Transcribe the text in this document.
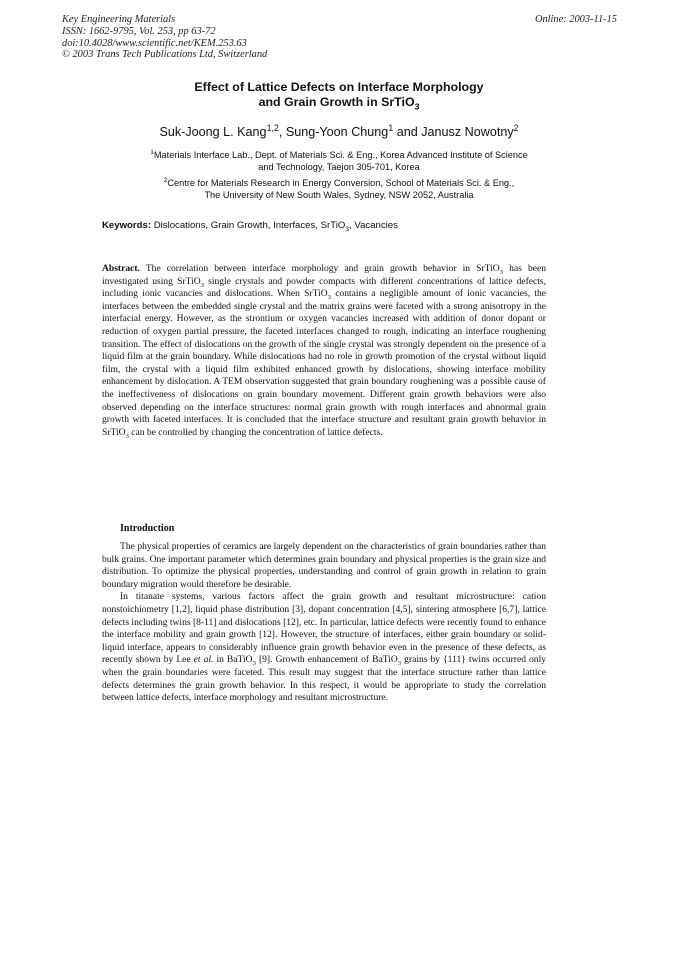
Key Engineering Materials
ISSN: 1662-9795, Vol. 253, pp 63-72
doi:10.4028/www.scientific.net/KEM.253.63
© 2003 Trans Tech Publications Ltd, Switzerland
Online: 2003-11-15
Effect of Lattice Defects on Interface Morphology
and Grain Growth in SrTiO$_3$
Suk-Joong L. Kang$^{1,2}$, Sung-Yoon Chung$^1$ and Janusz Nowotny$^2$
$^1$Materials Interface Lab., Dept. of Materials Sci. & Eng., Korea Advanced Institute of Science
and Technology, Taejon 305-701, Korea
$^2$Centre for Materials Research in Energy Conversion, School of Materials Sci. & Eng.,
The University of New South Wales, Sydney, NSW 2052, Australia
Keywords: Dislocations, Grain Growth, Interfaces, SrTiO$_3$, Vacancies
Abstract. The correlation between interface morphology and grain growth behavior in SrTiO$_3$ has been investigated using SrTiO$_3$ single crystals and powder compacts with different concentrations of lattice defects, including ionic vacancies and dislocations. When SrTiO$_3$ contains a negligible amount of ionic vacancies, the interfaces between the embedded single crystal and the matrix grains were faceted with a strong anisotropy in the interfacial energy. However, as the strontium or oxygen vacancies increased with addition of donor dopant or reduction of oxygen partial pressure, the faceted interfaces changed to rough, indicating an interface roughening transition. The effect of dislocations on the growth of the single crystal was strongly dependent on the presence of a liquid film at the grain boundary. While dislocations had no role in growth promotion of the crystal without liquid film, the crystal with a liquid film exhibited enhanced growth by dislocations, showing interface mobility enhancement by dislocation. A TEM observation suggested that grain boundary roughening was a possible cause of the ineffectiveness of dislocations on grain boundary movement. Different grain growth behaviors were also observed depending on the interface structures: normal grain growth with rough interfaces and abnormal grain growth with faceted interfaces. It is concluded that the interface structure and resultant grain growth behavior in SrTiO$_3$ can be controlled by changing the concentration of lattice defects.
Introduction

The physical properties of ceramics are largely dependent on the characteristics of grain boundaries rather than bulk grains. One important parameter which determines grain boundary and physical properties is the grain size and distribution. To optimize the physical properties, understanding and control of grain growth in relation to grain boundary migration would therefore be desirable.

In titanate systems, various factors affect the grain growth and resultant microstructure: cation nonstoichiometry [1,2], liquid phase distribution [3], dopant concentration [4,5], sintering atmosphere [6,7], lattice defects including twins [8-11] and dislocations [12], etc. In particular, lattice defects were recently found to enhance the interface mobility and grain growth [12]. However, the structure of interfaces, either grain boundary or solid-liquid interface, appears to considerably influence grain growth behavior even in the presence of these defects, as recently shown by Lee et al. in BaTiO$_3$ [9]. Growth enhancement of BaTiO$_3$ grains by {111} twins occurred only when the grain boundaries were faceted. This result may suggest that the interface structure rather than lattice defects determines the grain growth behavior. In this respect, it would be appropriate to study the correlation between lattice defects, interface morphology and resultant microstructure.
